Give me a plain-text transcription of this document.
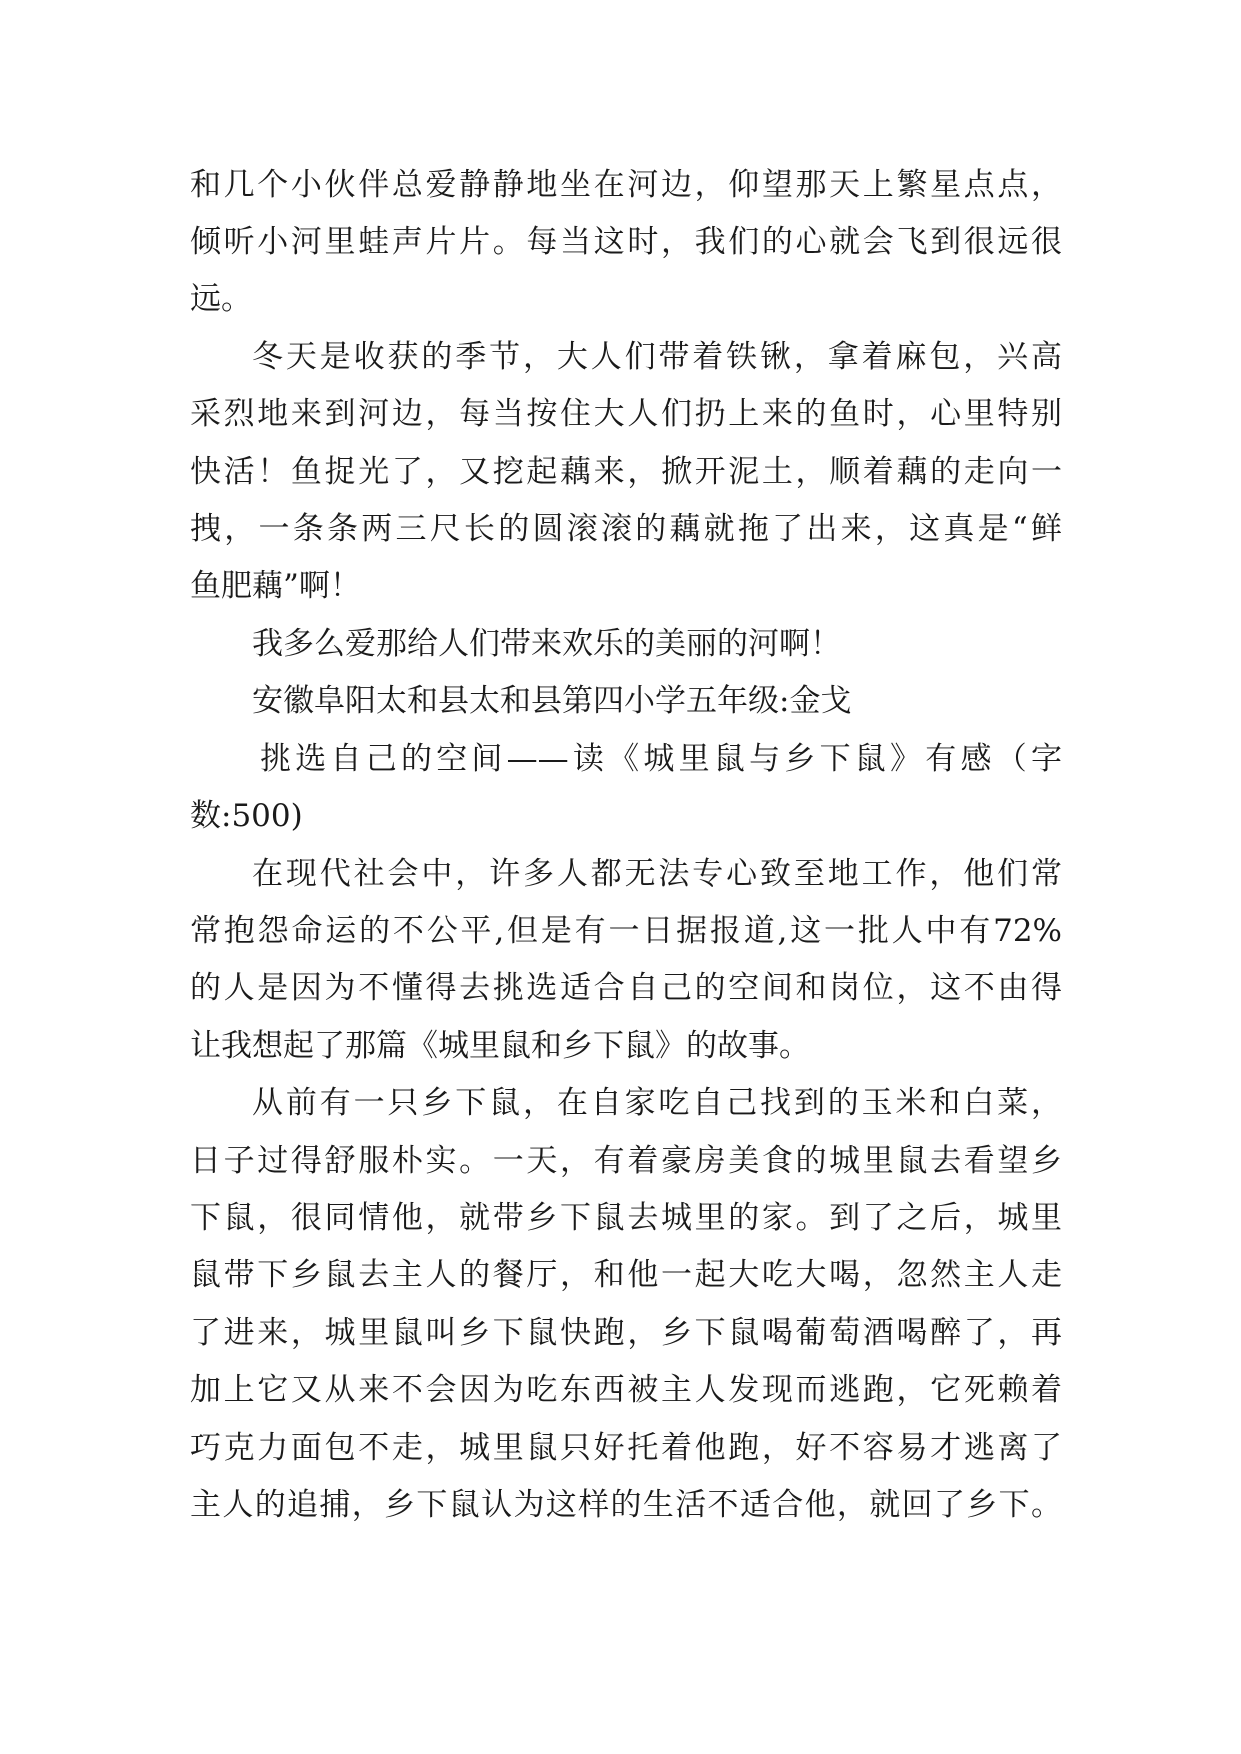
和几个小伙伴总爱静静地坐在河边，仰望那天上繁星点点，
倾听小河里蛙声片片。每当这时，我们的心就会飞到很远很
远。
冬天是收获的季节，大人们带着铁锹，拿着麻包，兴高
采烈地来到河边，每当按住大人们扔上来的鱼时，心里特别
快活！鱼捉光了，又挖起藕来，掀开泥土，顺着藕的走向一
拽，一条条两三尺长的圆滚滚的藕就拖了出来，这真是“鲜
鱼肥藕”啊！
我多么爱那给人们带来欢乐的美丽的河啊！
安徽阜阳太和县太和县第四小学五年级:金戈
挑选自己的空间——读《城里鼠与乡下鼠》有感（字
数:500)
在现代社会中，许多人都无法专心致至地工作，他们常
常抱怨命运的不公平,但是有一日据报道,这一批人中有72%
的人是因为不懂得去挑选适合自己的空间和岗位，这不由得
让我想起了那篇《城里鼠和乡下鼠》的故事。
从前有一只乡下鼠，在自家吃自己找到的玉米和白菜，
日子过得舒服朴实。一天，有着豪房美食的城里鼠去看望乡
下鼠，很同情他，就带乡下鼠去城里的家。到了之后，城里
鼠带下乡鼠去主人的餐厅，和他一起大吃大喝，忽然主人走
了进来，城里鼠叫乡下鼠快跑，乡下鼠喝葡萄酒喝醉了，再
加上它又从来不会因为吃东西被主人发现而逃跑，它死赖着
巧克力面包不走，城里鼠只好托着他跑，好不容易才逃离了
主人的追捕，乡下鼠认为这样的生活不适合他，就回了乡下。
